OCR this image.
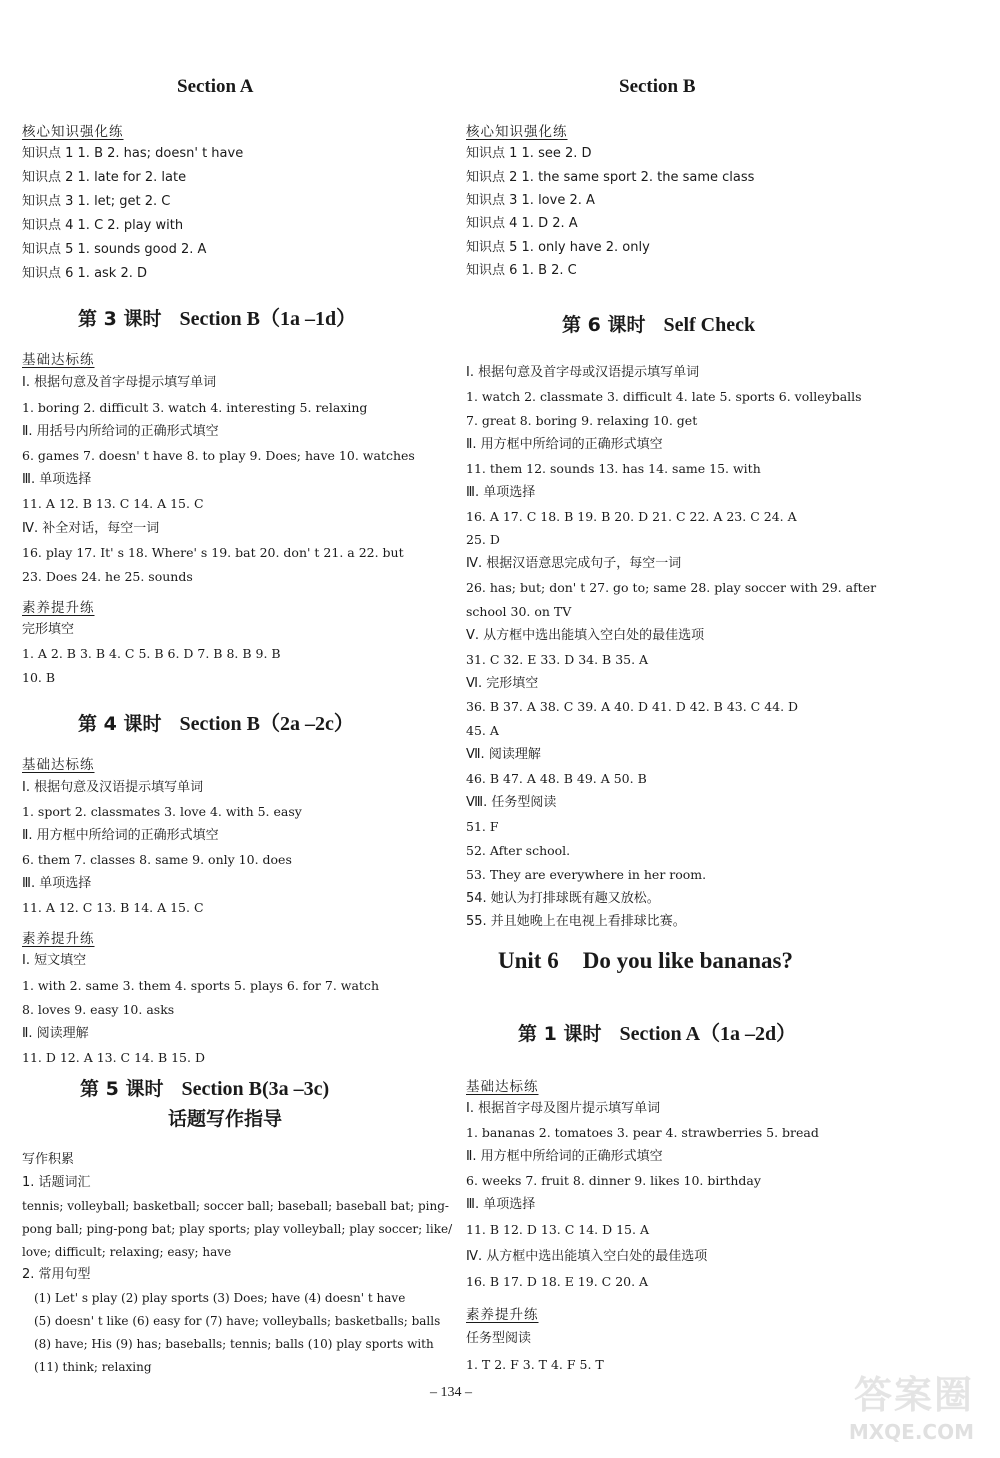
Section A
核心知识强化练
知识点 1 1. B 2. has; doesn' t have
知识点 2 1. late for 2. late
知识点 3 1. let; get 2. C
知识点 4 1. C 2. play with
知识点 5 1. sounds good 2. A
知识点 6 1. ask 2. D
第 3 课时 Section B（1a –1d）
基础达标练
Ⅰ. 根据句意及首字母提示填写单词
1. boring 2. difficult 3. watch 4. interesting 5. relaxing
Ⅱ. 用括号内所给词的正确形式填空
6. games 7. doesn' t have 8. to play 9. Does; have 10. watches
Ⅲ. 单项选择
11. A 12. B 13. C 14. A 15. C
Ⅳ. 补全对话，每空一词
16. play 17. It' s 18. Where' s 19. bat 20. don' t 21. a 22. but
23. Does 24. he 25. sounds
素养提升练
完形填空
1. A 2. B 3. B 4. C 5. B 6. D 7. B 8. B 9. B
10. B
第 4 课时 Section B（2a –2c）
基础达标练
Ⅰ. 根据句意及汉语提示填写单词
1. sport 2. classmates 3. love 4. with 5. easy
Ⅱ. 用方框中所给词的正确形式填空
6. them 7. classes 8. same 9. only 10. does
Ⅲ. 单项选择
11. A 12. C 13. B 14. A 15. C
素养提升练
Ⅰ. 短文填空
1. with 2. same 3. them 4. sports 5. plays 6. for 7. watch
8. loves 9. easy 10. asks
Ⅱ. 阅读理解
11. D 12. A 13. C 14. B 15. D
第 5 课时 Section B(3a –3c)
话题写作指导
写作积累
1. 话题词汇
tennis; volleyball; basketball; soccer ball; baseball; baseball bat; ping-
pong ball; ping-pong bat; play sports; play volleyball; play soccer; like/
love; difficult; relaxing; easy; have
2. 常用句型
(1) Let' s play (2) play sports (3) Does; have (4) doesn' t have
(5) doesn' t like (6) easy for (7) have; volleyballs; basketballs; balls
(8) have; His (9) has; baseballs; tennis; balls (10) play sports with
(11) think; relaxing
Section B
核心知识强化练
知识点 1 1. see 2. D
知识点 2 1. the same sport 2. the same class
知识点 3 1. love 2. A
知识点 4 1. D 2. A
知识点 5 1. only have 2. only
知识点 6 1. B 2. C
第 6 课时 Self Check
Ⅰ. 根据句意及首字母或汉语提示填写单词
1. watch 2. classmate 3. difficult 4. late 5. sports 6. volleyballs
7. great 8. boring 9. relaxing 10. get
Ⅱ. 用方框中所给词的正确形式填空
11. them 12. sounds 13. has 14. same 15. with
Ⅲ. 单项选择
16. A 17. C 18. B 19. B 20. D 21. C 22. A 23. C 24. A
25. D
Ⅳ. 根据汉语意思完成句子，每空一词
26. has; but; don' t 27. go to; same 28. play soccer with 29. after
school 30. on TV
Ⅴ. 从方框中选出能填入空白处的最佳选项
31. C 32. E 33. D 34. B 35. A
Ⅵ. 完形填空
36. B 37. A 38. C 39. A 40. D 41. D 42. B 43. C 44. D
45. A
Ⅶ. 阅读理解
46. B 47. A 48. B 49. A 50. B
Ⅷ. 任务型阅读
51. F
52. After school.
53. They are everywhere in her room.
54. 她认为打排球既有趣又放松。
55. 并且她晚上在电视上看排球比赛。
Unit 6 Do you like bananas?
第 1 课时 Section A（1a –2d）
基础达标练
Ⅰ. 根据首字母及图片提示填写单词
1. bananas 2. tomatoes 3. pear 4. strawberries 5. bread
Ⅱ. 用方框中所给词的正确形式填空
6. weeks 7. fruit 8. dinner 9. likes 10. birthday
Ⅲ. 单项选择
11. B 12. D 13. C 14. D 15. A
Ⅳ. 从方框中选出能填入空白处的最佳选项
16. B 17. D 18. E 19. C 20. A
素养提升练
任务型阅读
1. T 2. F 3. T 4. F 5. T
– 134 –	答案圈
MXQE.COM
